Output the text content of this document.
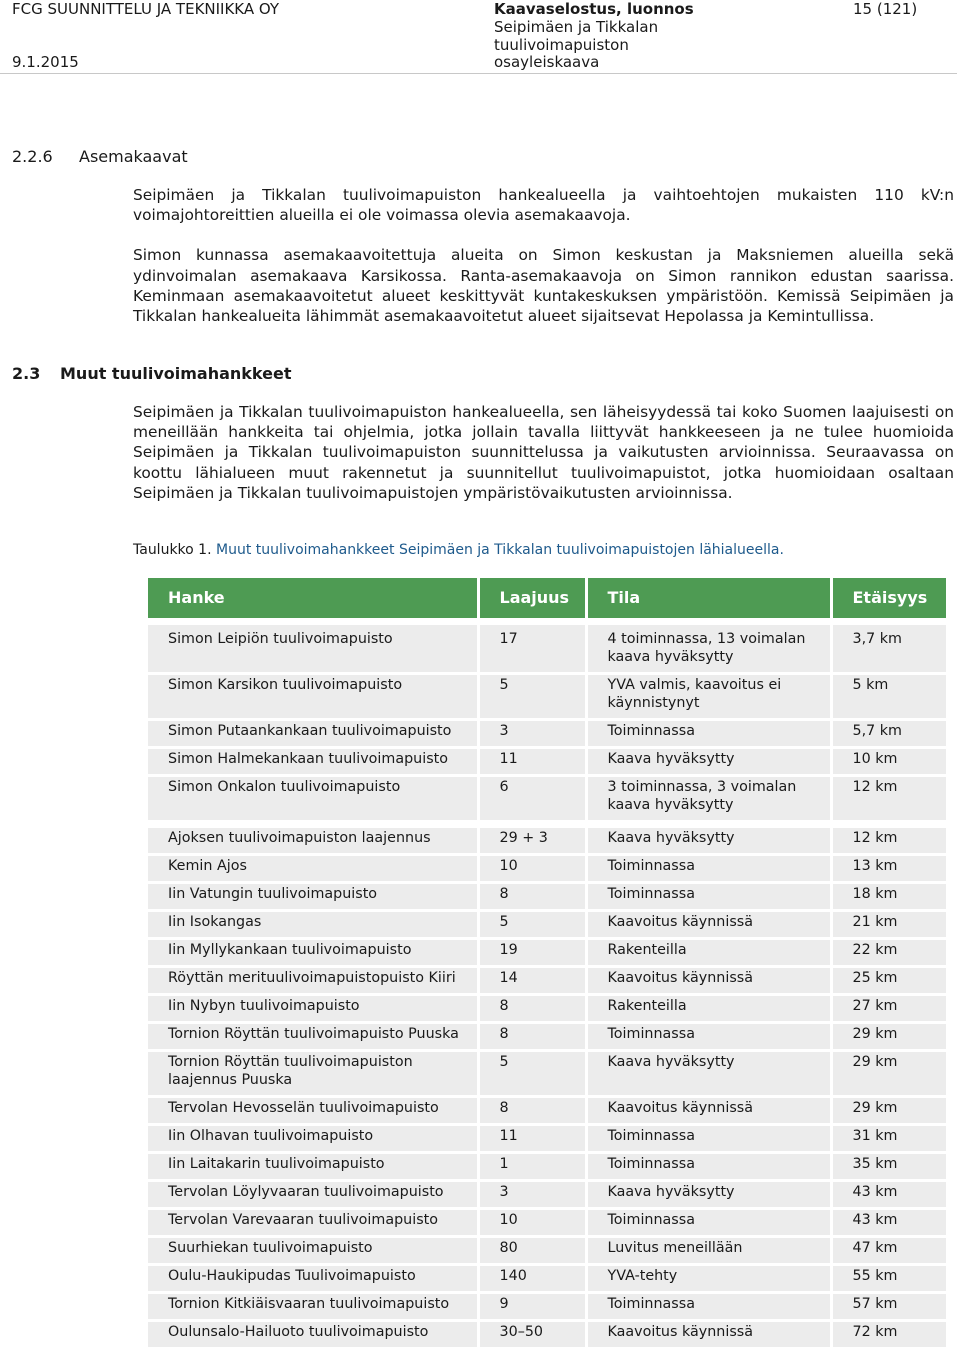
FCG SUUNNITTELU JA TEKNIIKKA OY
9.1.2015
Kaavaselostus, luonnos
Seipimäen ja Tikkalan
tuulivoimapuiston
osayleiskaava
15 (121)
2.2.6 Asemakaavat

Seipimäen ja Tikkalan tuulivoimapuiston hankealueella ja vaihtoehtojen mukaisten 110 kV:n voimajohtoreittien alueilla ei ole voimassa olevia asemakaavoja.

Simon kunnassa asemakaavoitettuja alueita on Simon keskustan ja Maksniemen alueilla sekä ydinvoimalan asemakaava Karsikossa. Ranta-asemakaavoja on Simon rannikon edustan saarissa. Keminmaan asemakaavoitetut alueet keskittyvät kuntakeskuksen ympäristöön. Kemissä Seipimäen ja Tikkalan hankealueita lähimmät asemakaavoitetut alueet sijaitsevat Hepolassa ja Kemintullissa.

2.3 Muut tuulivoimahankkeet

Seipimäen ja Tikkalan tuulivoimapuiston hankealueella, sen läheisyydessä tai koko Suomen laajuisesti on meneillään hankkeita tai ohjelmia, jotka jollain tavalla liittyvät hankkeeseen ja ne tulee huomioida Seipimäen ja Tikkalan tuulivoimapuiston suunnittelussa ja vaikutusten arvioinnissa. Seuraavassa on koottu lähialueen muut rakennetut ja suunnitellut tuulivoimapuistot, jotka huomioidaan osaltaan Seipimäen ja Tikkalan tuulivoimapuistojen ympäristövaikutusten arvioinnissa.

Taulukko 1. Muut tuulivoimahankkeet Seipimäen ja Tikkalan tuulivoimapuistojen lähialueella.
Hanke	Laajuus	Tila	Etäisyys
Simon Leipiön tuulivoimapuisto	17	4 toiminnassa, 13 voimalan kaava hyväksytty	3,7 km
Simon Karsikon tuulivoimapuisto	5	YVA valmis, kaavoitus ei käynnistynyt	5 km
Simon Putaankankaan tuulivoimapuisto	3	Toiminnassa	5,7 km
Simon Halmekankaan tuulivoimapuisto	11	Kaava hyväksytty	10 km
Simon Onkalon tuulivoimapuisto	6	3 toiminnassa, 3 voimalan kaava hyväksytty	12 km
Ajoksen tuulivoimapuiston laajennus	29 + 3	Kaava hyväksytty	12 km
Kemin Ajos	10	Toiminnassa	13 km
Iin Vatungin tuulivoimapuisto	8	Toiminnassa	18 km
Iin Isokangas	5	Kaavoitus käynnissä	21 km
Iin Myllykankaan tuulivoimapuisto	19	Rakenteilla	22 km
Röyttän merituulivoimapuistopuisto Kiiri	14	Kaavoitus käynnissä	25 km
Iin Nybyn tuulivoimapuisto	8	Rakenteilla	27 km
Tornion Röyttän tuulivoimapuisto Puuska	8	Toiminnassa	29 km
Tornion Röyttän tuulivoimapuiston laajennus Puuska	5	Kaava hyväksytty	29 km
Tervolan Hevosselän tuulivoimapuisto	8	Kaavoitus käynnissä	29 km
Iin Olhavan tuulivoimapuisto	11	Toiminnassa	31 km
Iin Laitakarin tuulivoimapuisto	1	Toiminnassa	35 km
Tervolan Löylyvaaran tuulivoimapuisto	3	Kaava hyväksytty	43 km
Tervolan Varevaaran tuulivoimapuisto	10	Toiminnassa	43 km
Suurhiekan tuulivoimapuisto	80	Luvitus meneillään	47 km
Oulu-Haukipudas Tuulivoimapuisto	140	YVA-tehty	55 km
Tornion Kitkiäisvaaran tuulivoimapuisto	9	Toiminnassa	57 km
Oulunsalo-Hailuoto tuulivoimapuisto	30–50	Kaavoitus käynnissä	72 km
